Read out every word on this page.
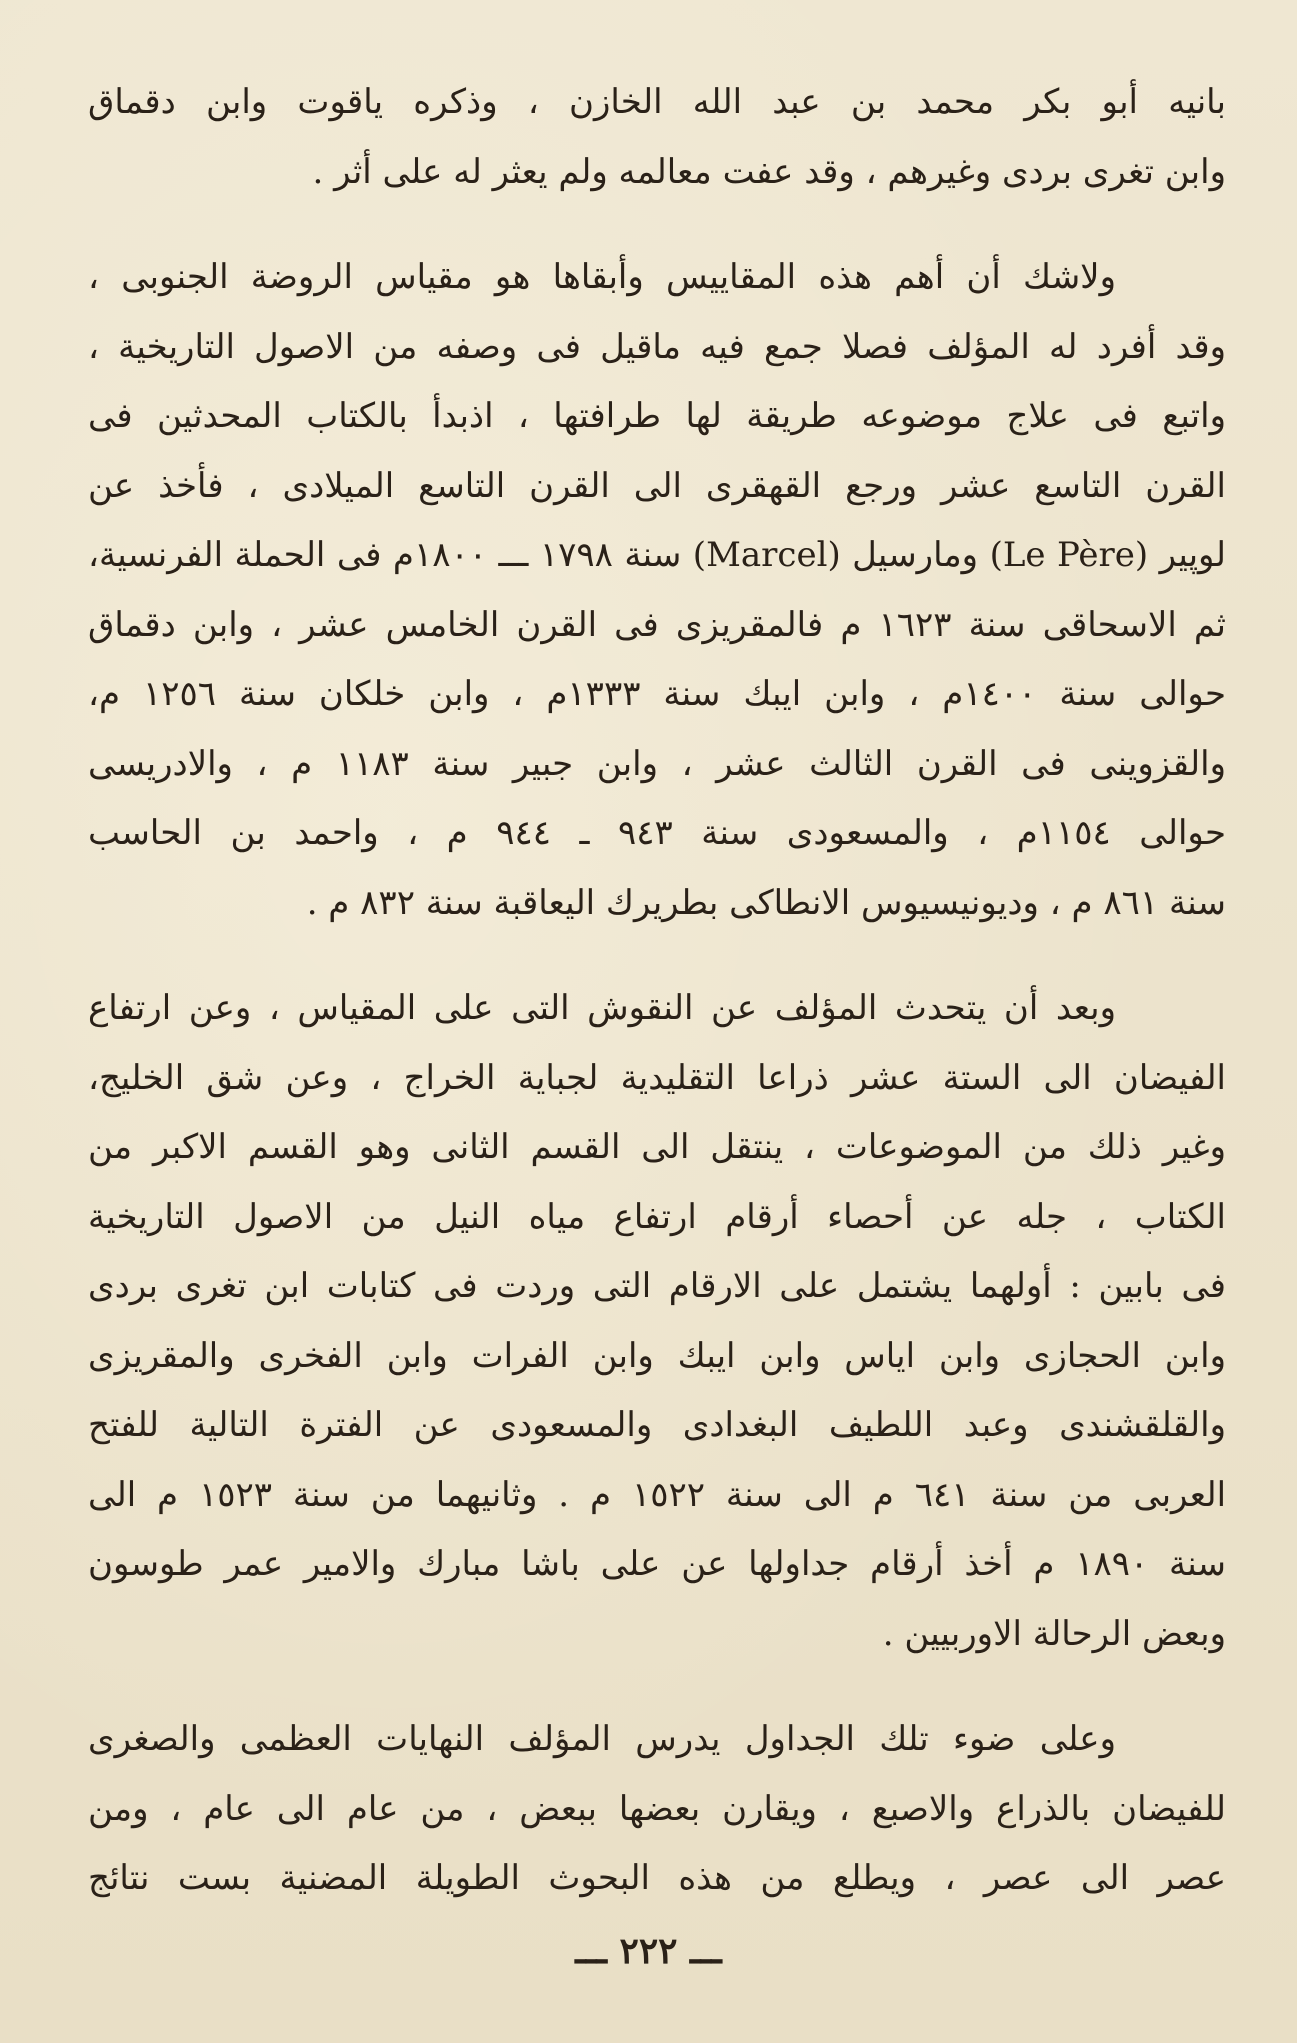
بانيه أبو بكر محمد بن عبد الله الخازن ، وذكره ياقوت وابن دقماق
وابن تغرى بردى وغيرهم ، وقد عفت معالمه ولم يعثر له على أثر .

ولاشك أن أهم هذه المقاييس وأبقاها هو مقياس الروضة الجنوبى ،
وقد أفرد له المؤلف فصلا جمع فيه ماقيل فى وصفه من الاصول التاريخية ،
واتبع فى علاج موضوعه طريقة لها طرافتها ، اذبدأ بالكتاب المحدثين فى
القرن التاسع عشر ورجع القهقرى الى القرن التاسع الميلادى ، فأخذ عن
لوپير (Le Père) ومارسيل (Marcel) سنة ١٧٩٨ ـــ ١٨٠٠م فى الحملة الفرنسية،
ثم الاسحاقى سنة ١٦٢٣ م فالمقريزى فى القرن الخامس عشر ، وابن دقماق
حوالى سنة ١٤٠٠م ، وابن ايبك سنة ١٣٣٣م ، وابن خلكان سنة ١٢٥٦ م،
والقزوينى فى القرن الثالث عشر ، وابن جبير سنة ١١٨٣ م ، والادريسى
حوالى ١١٥٤م ، والمسعودى سنة ٩٤٣ ـ ٩٤٤ م ، واحمد بن الحاسب
سنة ٨٦١ م ، وديونيسيوس الانطاكى بطريرك اليعاقبة سنة ٨٣٢ م .

وبعد أن يتحدث المؤلف عن النقوش التى على المقياس ، وعن ارتفاع
الفيضان الى الستة عشر ذراعا التقليدية لجباية الخراج ، وعن شق الخليج،
وغير ذلك من الموضوعات ، ينتقل الى القسم الثانى وهو القسم الاكبر من
الكتاب ، جله عن أحصاء أرقام ارتفاع مياه النيل من الاصول التاريخية
فى بابين : أولهما يشتمل على الارقام التى وردت فى كتابات ابن تغرى بردى
وابن الحجازى وابن اياس وابن ايبك وابن الفرات وابن الفخرى والمقريزى
والقلقشندى وعبد اللطيف البغدادى والمسعودى عن الفترة التالية للفتح
العربى من سنة ٦٤١ م الى سنة ١٥٢٢ م . وثانيهما من سنة ١٥٢٣ م الى
سنة ١٨٩٠ م أخذ أرقام جداولها عن على باشا مبارك والامير عمر طوسون
وبعض الرحالة الاوربيين .

وعلى ضوء تلك الجداول يدرس المؤلف النهايات العظمى والصغرى
للفيضان بالذراع والاصبع ، ويقارن بعضها ببعض ، من عام الى عام ، ومن
عصر الى عصر ، ويطلع من هذه البحوث الطويلة المضنية بست نتائج

ـــ ٢٢٢ ـــ
